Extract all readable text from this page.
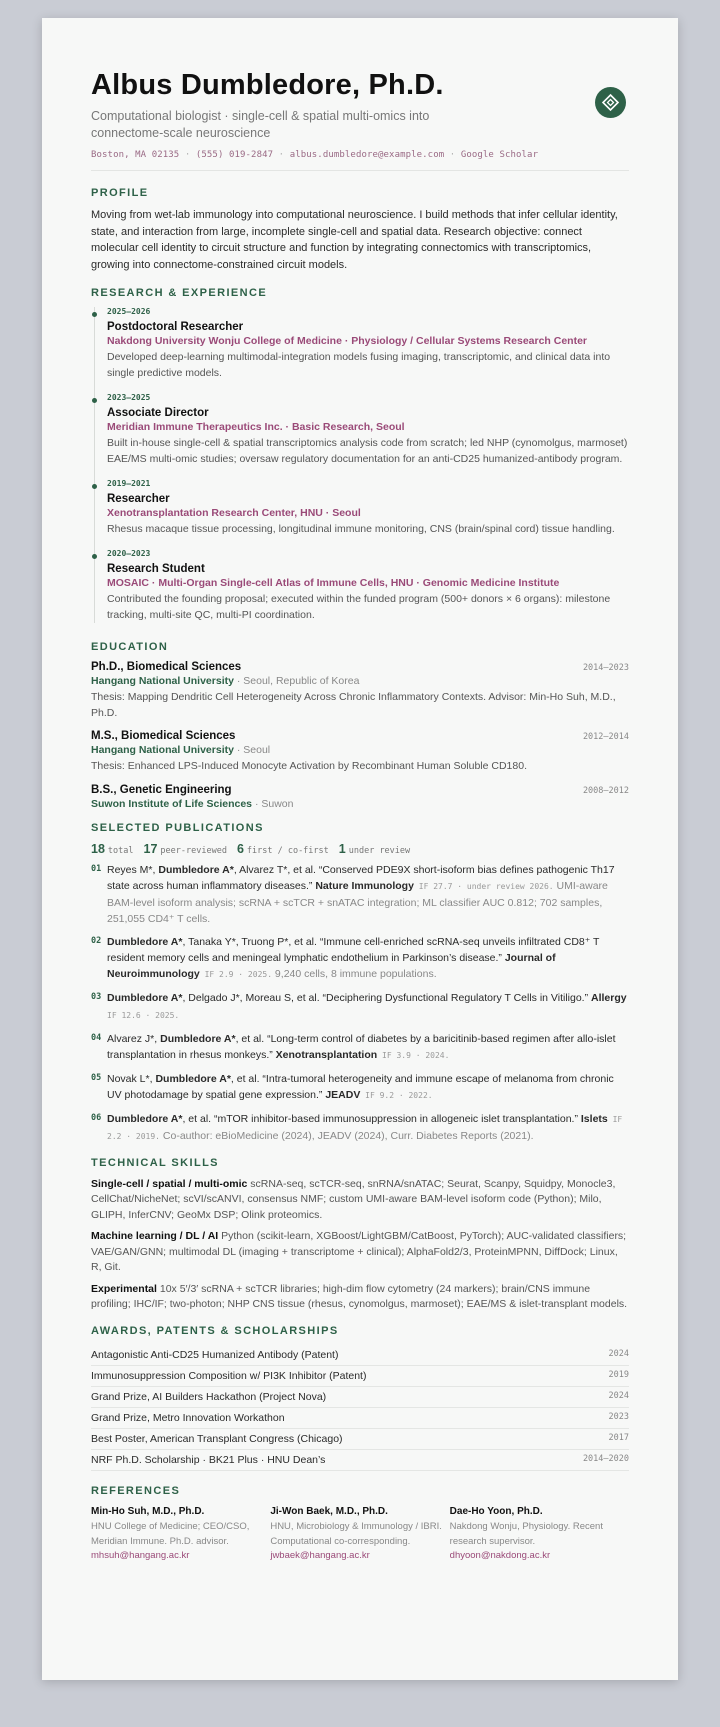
Albus Dumbledore, Ph.D.
Computational biologist · single-cell & spatial multi-omics into connectome-scale neuroscience
Boston, MA 02135 · (555) 019-2847 · albus.dumbledore@example.com · Google Scholar
PROFILE
Moving from wet-lab immunology into computational neuroscience. I build methods that infer cellular identity, state, and interaction from large, incomplete single-cell and spatial data. Research objective: connect molecular cell identity to circuit structure and function by integrating connectomics with transcriptomics, growing into connectome-constrained circuit models.
RESEARCH & EXPERIENCE
2025–2026
Postdoctoral Researcher
Nakdong University Wonju College of Medicine · Physiology / Cellular Systems Research Center
Developed deep-learning multimodal-integration models fusing imaging, transcriptomic, and clinical data into single predictive models.
2023–2025
Associate Director
Meridian Immune Therapeutics Inc. · Basic Research, Seoul
Built in-house single-cell & spatial transcriptomics analysis code from scratch; led NHP (cynomolgus, marmoset) EAE/MS multi-omic studies; oversaw regulatory documentation for an anti-CD25 humanized-antibody program.
2019–2021
Researcher
Xenotransplantation Research Center, HNU · Seoul
Rhesus macaque tissue processing, longitudinal immune monitoring, CNS (brain/spinal cord) tissue handling.
2020–2023
Research Student
MOSAIC · Multi-Organ Single-cell Atlas of Immune Cells, HNU · Genomic Medicine Institute
Contributed the founding proposal; executed within the funded program (500+ donors × 6 organs): milestone tracking, multi-site QC, multi-PI coordination.
EDUCATION
Ph.D., Biomedical Sciences	2014–2023
Hangang National University · Seoul, Republic of Korea
Thesis: Mapping Dendritic Cell Heterogeneity Across Chronic Inflammatory Contexts. Advisor: Min-Ho Suh, M.D., Ph.D.
M.S., Biomedical Sciences	2012–2014
Hangang National University · Seoul
Thesis: Enhanced LPS-Induced Monocyte Activation by Recombinant Human Soluble CD180.
B.S., Genetic Engineering	2008–2012
Suwon Institute of Life Sciences · Suwon
SELECTED PUBLICATIONS
18 total 17 peer-reviewed 6 first / co-first 1 under review
01 Reyes M*, Dumbledore A*, Alvarez T*, et al. “Conserved PDE9X short-isoform bias defines pathogenic Th17 state across human inflammatory diseases.” Nature Immunology IF 27.7 · under review 2026. UMI-aware BAM-level isoform analysis; scRNA + scTCR + snATAC integration; ML classifier AUC 0.812; 702 samples, 251,055 CD4⁺ T cells.
02 Dumbledore A*, Tanaka Y*, Truong P*, et al. “Immune cell-enriched scRNA-seq unveils infiltrated CD8⁺ T resident memory cells and meningeal lymphatic endothelium in Parkinson’s disease.” Journal of Neuroimmunology IF 2.9 · 2025. 9,240 cells, 8 immune populations.
03 Dumbledore A*, Delgado J*, Moreau S, et al. “Deciphering Dysfunctional Regulatory T Cells in Vitiligo.” Allergy IF 12.6 · 2025.
04 Alvarez J*, Dumbledore A*, et al. “Long-term control of diabetes by a baricitinib-based regimen after allo-islet transplantation in rhesus monkeys.” Xenotransplantation IF 3.9 · 2024.
05 Novak L*, Dumbledore A*, et al. “Intra-tumoral heterogeneity and immune escape of melanoma from chronic UV photodamage by spatial gene expression.” JEADV IF 9.2 · 2022.
06 Dumbledore A*, et al. “mTOR inhibitor-based immunosuppression in allogeneic islet transplantation.” Islets IF 2.2 · 2019. Co-author: eBioMedicine (2024), JEADV (2024), Curr. Diabetes Reports (2021).
TECHNICAL SKILLS
Single-cell / spatial / multi-omic scRNA-seq, scTCR-seq, snRNA/snATAC; Seurat, Scanpy, Squidpy, Monocle3, CellChat/NicheNet; scVI/scANVI, consensus NMF; custom UMI-aware BAM-level isoform code (Python); Milo, GLIPH, InferCNV; GeoMx DSP; Olink proteomics.
Machine learning / DL / AI Python (scikit-learn, XGBoost/LightGBM/CatBoost, PyTorch); AUC-validated classifiers; VAE/GAN/GNN; multimodal DL (imaging + transcriptome + clinical); AlphaFold2/3, ProteinMPNN, DiffDock; Linux, R, Git.
Experimental 10x 5′/3′ scRNA + scTCR libraries; high-dim flow cytometry (24 markers); brain/CNS immune profiling; IHC/IF; two-photon; NHP CNS tissue (rhesus, cynomolgus, marmoset); EAE/MS & islet-transplant models.
AWARDS, PATENTS & SCHOLARSHIPS
Antagonistic Anti-CD25 Humanized Antibody (Patent)	2024
Immunosuppression Composition w/ PI3K Inhibitor (Patent)	2019
Grand Prize, AI Builders Hackathon (Project Nova)	2024
Grand Prize, Metro Innovation Workathon	2023
Best Poster, American Transplant Congress (Chicago)	2017
NRF Ph.D. Scholarship · BK21 Plus · HNU Dean’s	2014–2020
REFERENCES
Min-Ho Suh, M.D., Ph.D.
HNU College of Medicine; CEO/CSO, Meridian Immune. Ph.D. advisor.
mhsuh@hangang.ac.kr
Ji-Won Baek, M.D., Ph.D.
HNU, Microbiology & Immunology / IBRI. Computational co-corresponding.
jwbaek@hangang.ac.kr
Dae-Ho Yoon, Ph.D.
Nakdong Wonju, Physiology. Recent research supervisor.
dhyoon@nakdong.ac.kr
